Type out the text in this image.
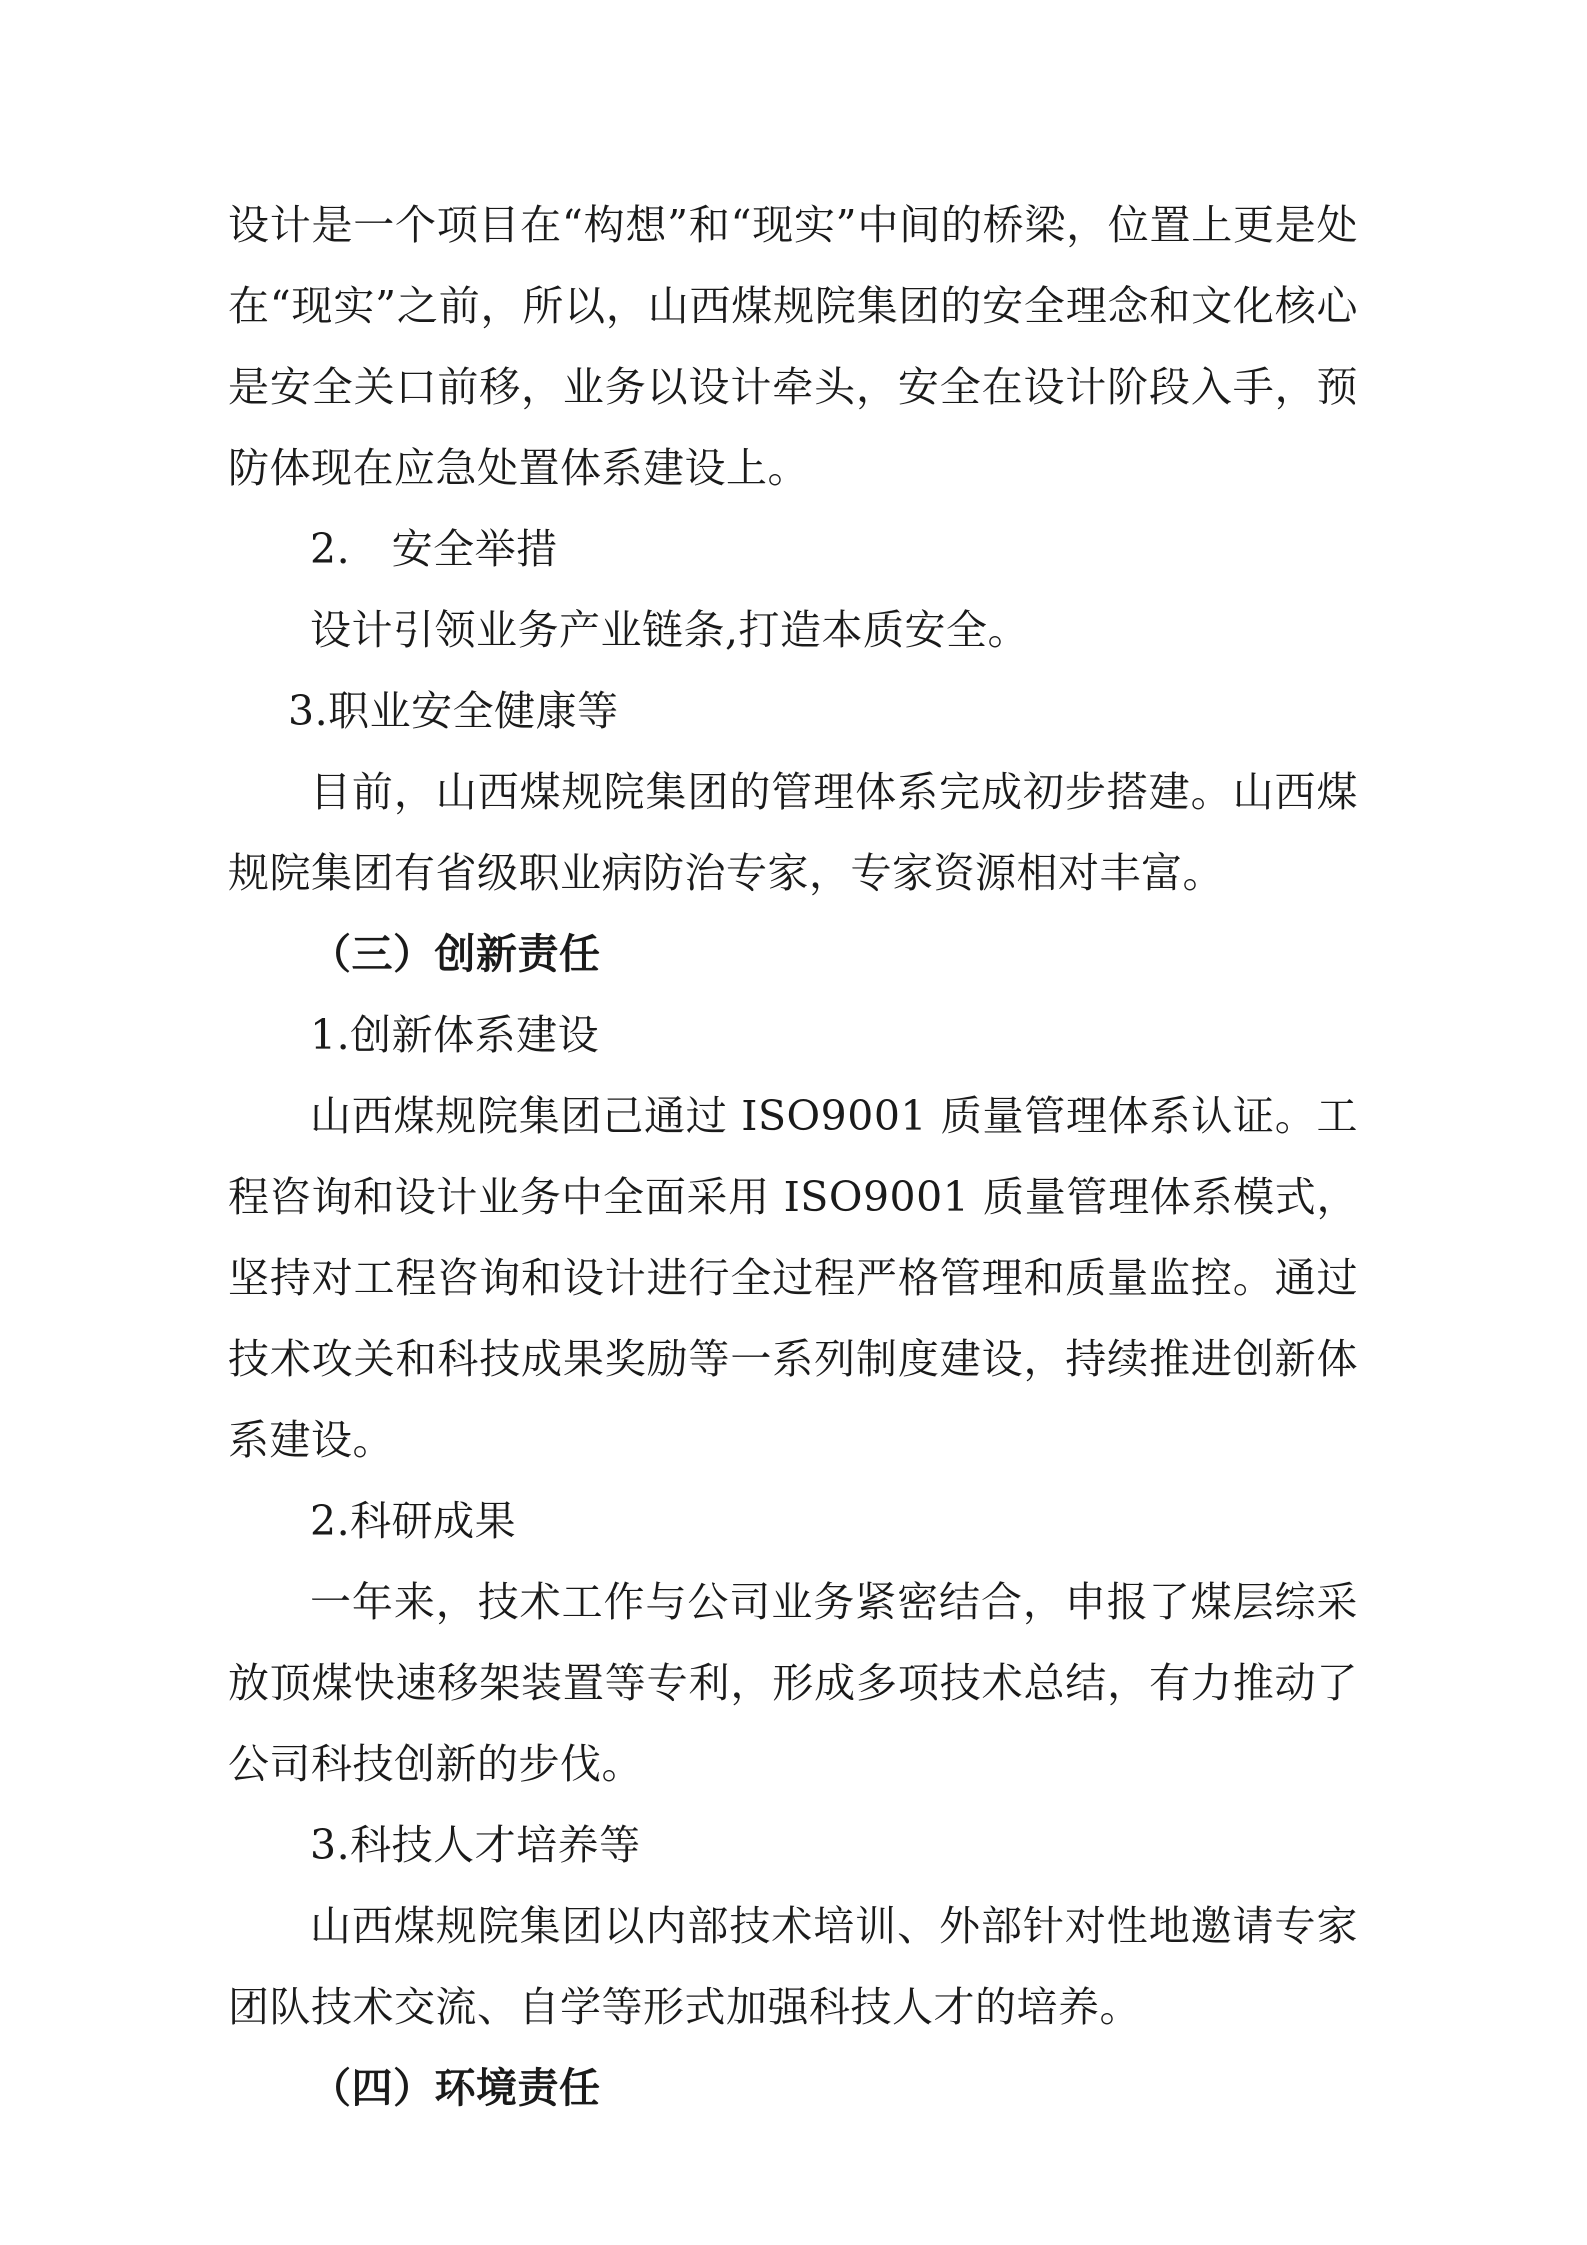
设计是一个项目在“构想”和“现实”中间的桥梁，位置上更是处在“现实”之前，所以，山西煤规院集团的安全理念和文化核心是安全关口前移，业务以设计牵头，安全在设计阶段入手，预防体现在应急处置体系建设上。

2.　安全举措

设计引领业务产业链条,打造本质安全。

3.职业安全健康等

目前，山西煤规院集团的管理体系完成初步搭建。山西煤规院集团有省级职业病防治专家，专家资源相对丰富。

（三）创新责任

1.创新体系建设

山西煤规院集团己通过 ISO9001 质量管理体系认证。工程咨询和设计业务中全面采用 ISO9001 质量管理体系模式，坚持对工程咨询和设计进行全过程严格管理和质量监控。通过技术攻关和科技成果奖励等一系列制度建设，持续推进创新体系建设。

2.科研成果

一年来，技术工作与公司业务紧密结合，申报了煤层综采放顶煤快速移架装置等专利，形成多项技术总结，有力推动了公司科技创新的步伐。

3.科技人才培养等

山西煤规院集团以内部技术培训、外部针对性地邀请专家团队技术交流、自学等形式加强科技人才的培养。

（四）环境责任
